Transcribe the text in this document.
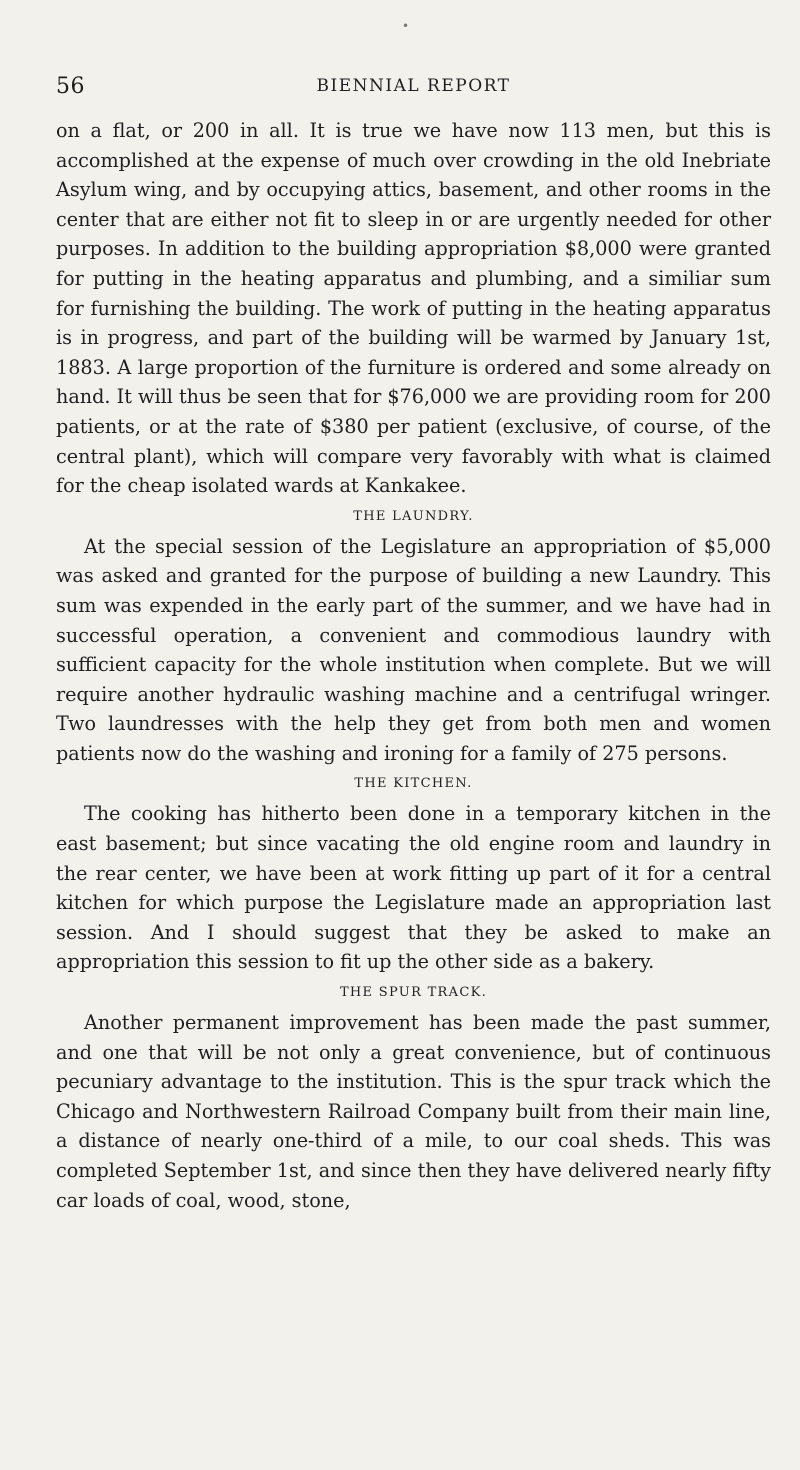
•
56	BIENNIAL REPORT

on a flat, or 200 in all. It is true we have now 113 men, but this is accomplished at the expense of much over crowding in the old Inebriate Asylum wing, and by occupying attics, basement, and other rooms in the center that are either not fit to sleep in or are urgently needed for other purposes. In addition to the building appropriation $8,000 were granted for putting in the heating apparatus and plumbing, and a similiar sum for furnishing the building. The work of putting in the heating apparatus is in progress, and part of the building will be warmed by January 1st, 1883. A large proportion of the furniture is ordered and some already on hand. It will thus be seen that for $76,000 we are providing room for 200 patients, or at the rate of $380 per patient (exclusive, of course, of the central plant), which will compare very favorably with what is claimed for the cheap isolated wards at Kankakee.

THE LAUNDRY.

At the special session of the Legislature an appropriation of $5,000 was asked and granted for the purpose of building a new Laundry. This sum was expended in the early part of the summer, and we have had in successful operation, a convenient and commodious laundry with sufficient capacity for the whole institution when complete. But we will require another hydraulic washing machine and a centrifugal wringer. Two laundresses with the help they get from both men and women patients now do the washing and ironing for a family of 275 persons.

THE KITCHEN.

The cooking has hitherto been done in a temporary kitchen in the east basement; but since vacating the old engine room and laundry in the rear center, we have been at work fitting up part of it for a central kitchen for which purpose the Legislature made an appropriation last session. And I should suggest that they be asked to make an appropriation this session to fit up the other side as a bakery.

THE SPUR TRACK.

Another permanent improvement has been made the past summer, and one that will be not only a great convenience, but of continuous pecuniary advantage to the institution. This is the spur track which the Chicago and Northwestern Railroad Company built from their main line, a distance of nearly one-third of a mile, to our coal sheds. This was completed September 1st, and since then they have delivered nearly fifty car loads of coal, wood, stone,
